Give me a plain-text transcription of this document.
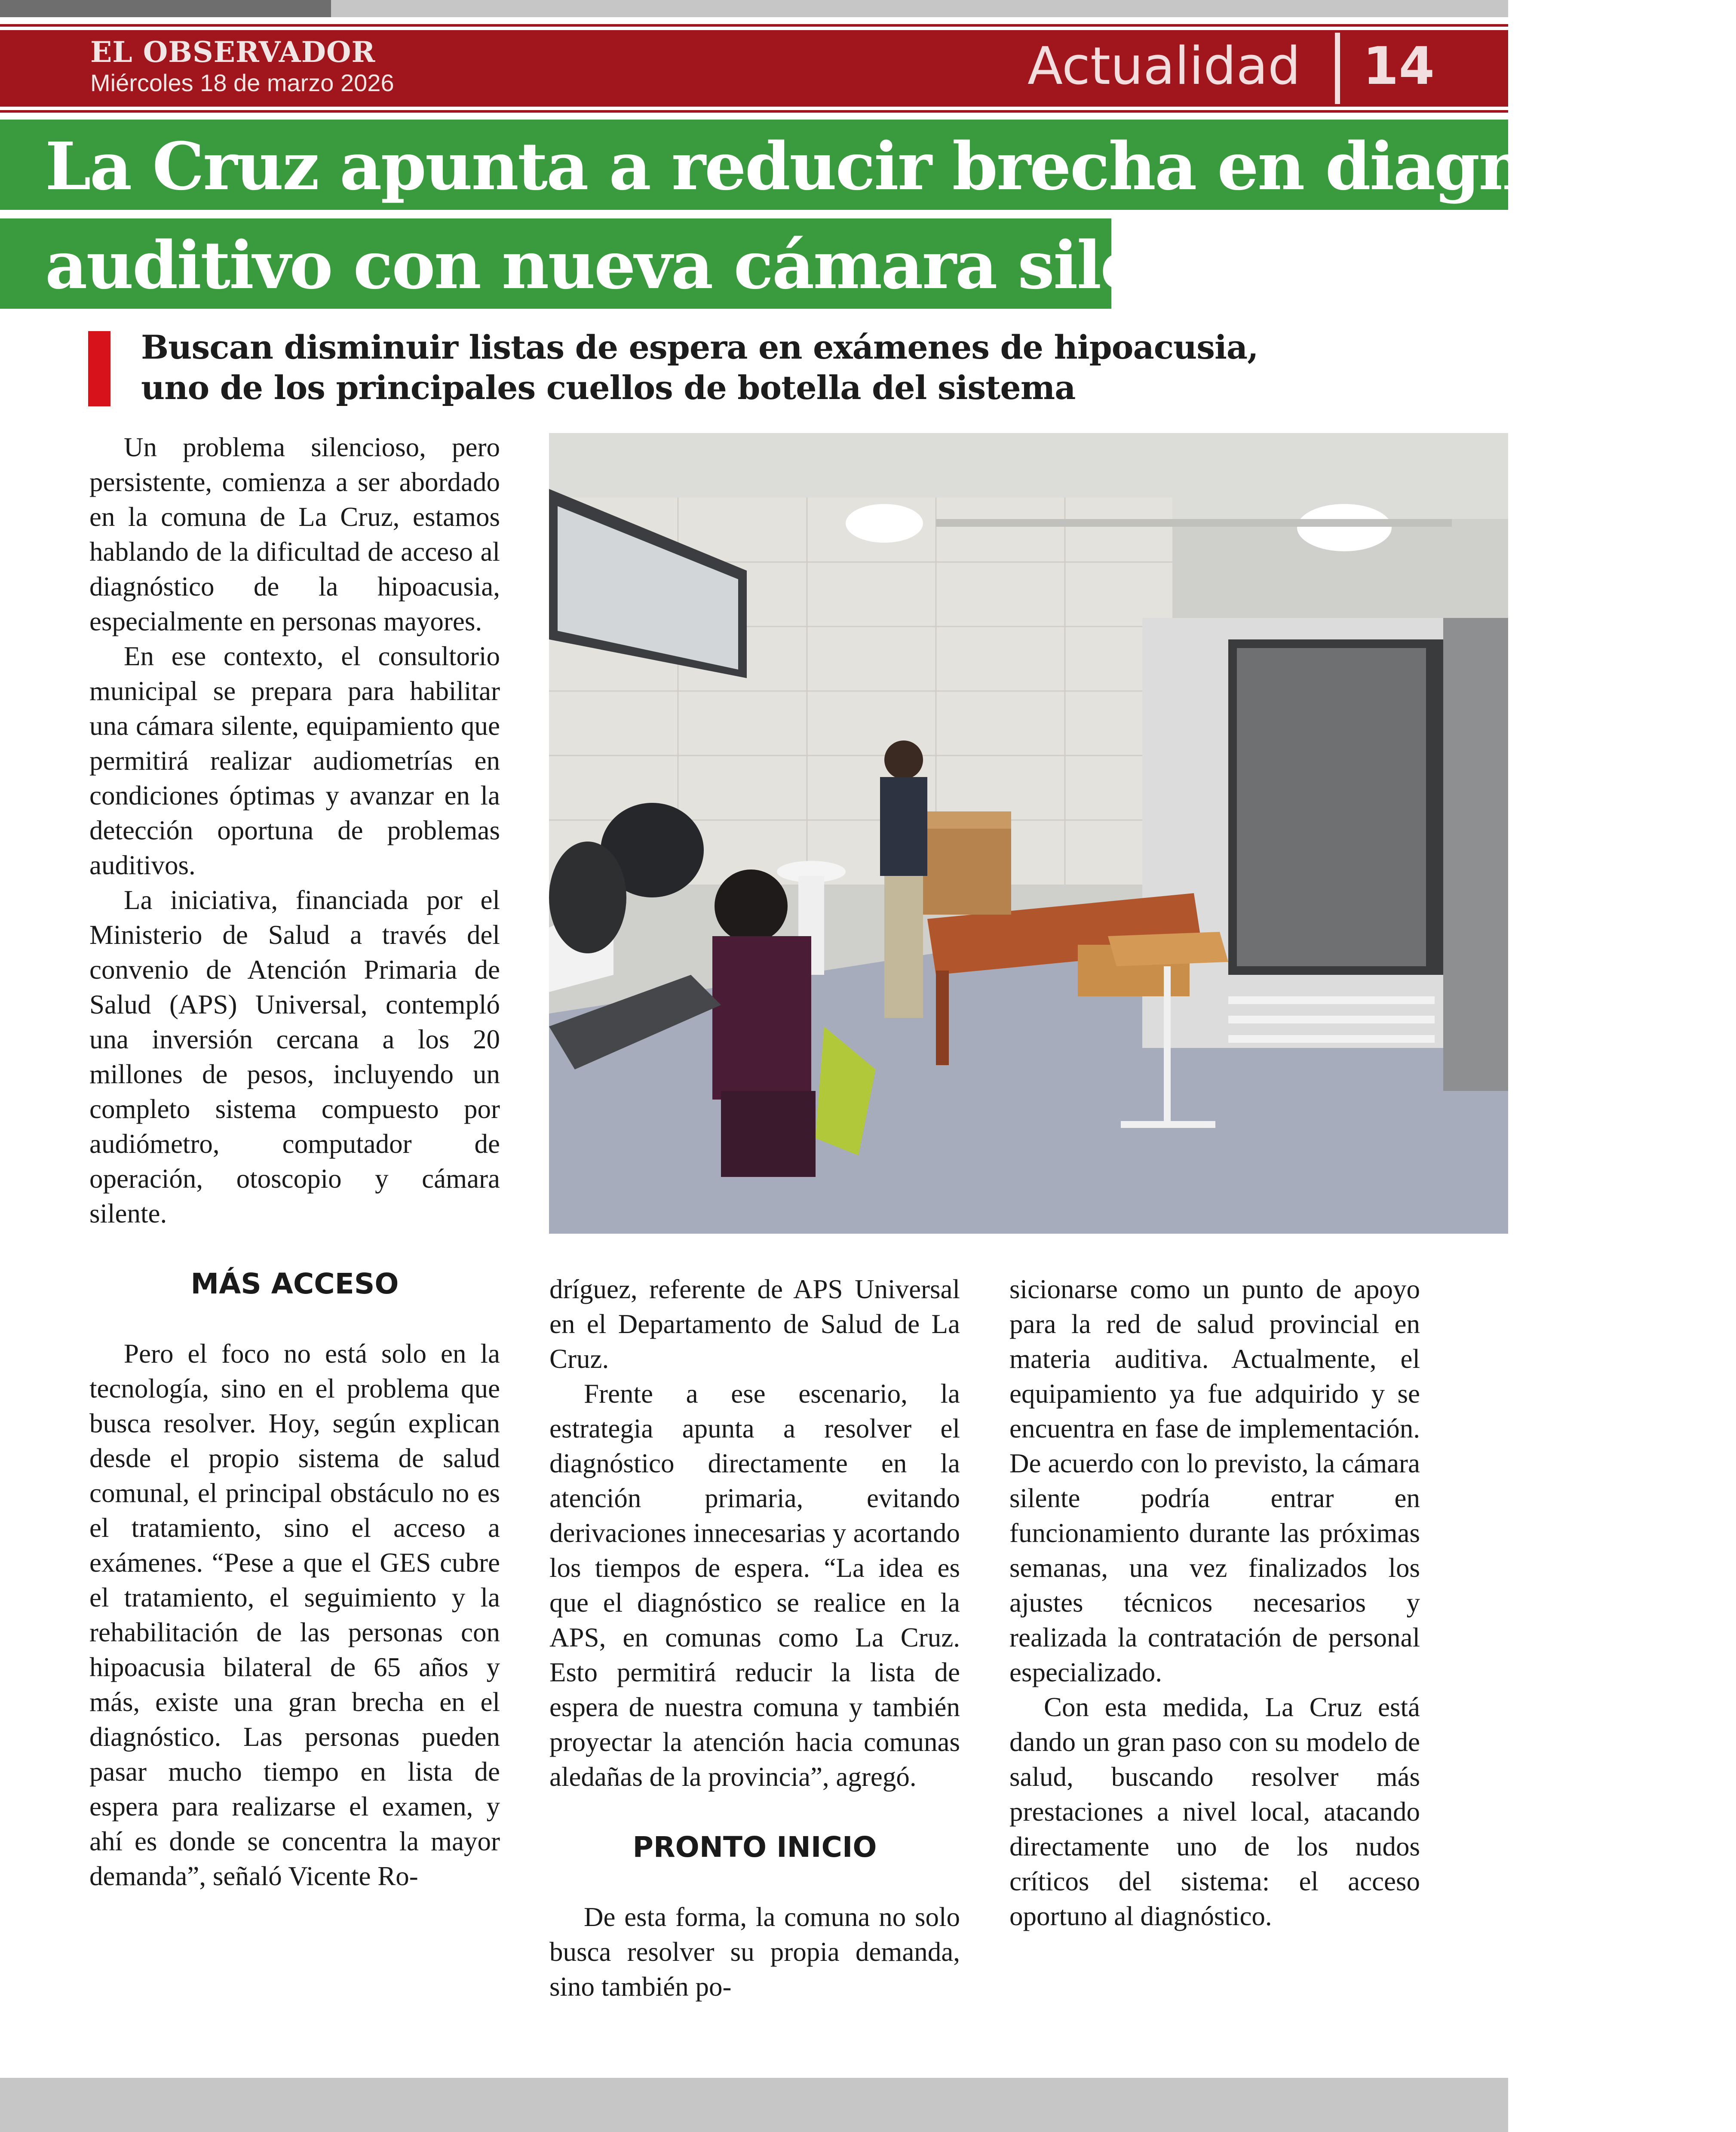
EL OBSERVADOR
Miércoles 18 de marzo 2026	Actualidad 14
La Cruz apunta a reducir brecha en diagnóstico
auditivo con nueva cámara silente
Buscan disminuir listas de espera en exámenes de hipoacusia,
uno de los principales cuellos de botella del sistema

Un problema silencioso, pero persistente, comienza a ser abordado en la comuna de La Cruz, estamos hablando de la dificultad de acceso al diagnóstico de la hipoacusia, especialmente en personas mayores.

En ese contexto, el consultorio municipal se prepara para habilitar una cámara silente, equipamiento que permitirá realizar audiometrías en condiciones óptimas y avanzar en la detección oportuna de problemas auditivos.

La iniciativa, financiada por el Ministerio de Salud a través del convenio de Atención Primaria de Salud (APS) Universal, contempló una inversión cercana a los 20 millones de pesos, incluyendo un completo sistema compuesto por audiómetro, computador de operación, otoscopio y cámara silente.

MÁS ACCESO

Pero el foco no está solo en la tecnología, sino en el problema que busca resolver. Hoy, según explican desde el propio sistema de salud comunal, el principal obstáculo no es el tratamiento, sino el acceso a exámenes. “Pese a que el GES cubre el tratamiento, el seguimiento y la rehabilitación de las personas con hipoacusia bilateral de 65 años y más, existe una gran brecha en el diagnóstico. Las personas pueden pasar mucho tiempo en lista de espera para realizarse el examen, y ahí es donde se concentra la mayor demanda”, señaló Vicente Ro-

dríguez, referente de APS Universal en el Departamento de Salud de La Cruz.

Frente a ese escenario, la estrategia apunta a resolver el diagnóstico directamente en la atención primaria, evitando derivaciones innecesarias y acortando los tiempos de espera. “La idea es que el diagnóstico se realice en la APS, en comunas como La Cruz. Esto permitirá reducir la lista de espera de nuestra comuna y también proyectar la atención hacia comunas aledañas de la provincia”, agregó.

PRONTO INICIO

De esta forma, la comuna no solo busca resolver su propia demanda, sino también po-

sicionarse como un punto de apoyo para la red de salud provincial en materia auditiva. Actualmente, el equipamiento ya fue adquirido y se encuentra en fase de implementación. De acuerdo con lo previsto, la cámara silente podría entrar en funcionamiento durante las próximas semanas, una vez finalizados los ajustes técnicos necesarios y realizada la contratación de personal especializado.

Con esta medida, La Cruz está dando un gran paso con su modelo de salud, buscando resolver más prestaciones a nivel local, atacando directamente uno de los nudos críticos del sistema: el acceso oportuno al diagnóstico.
